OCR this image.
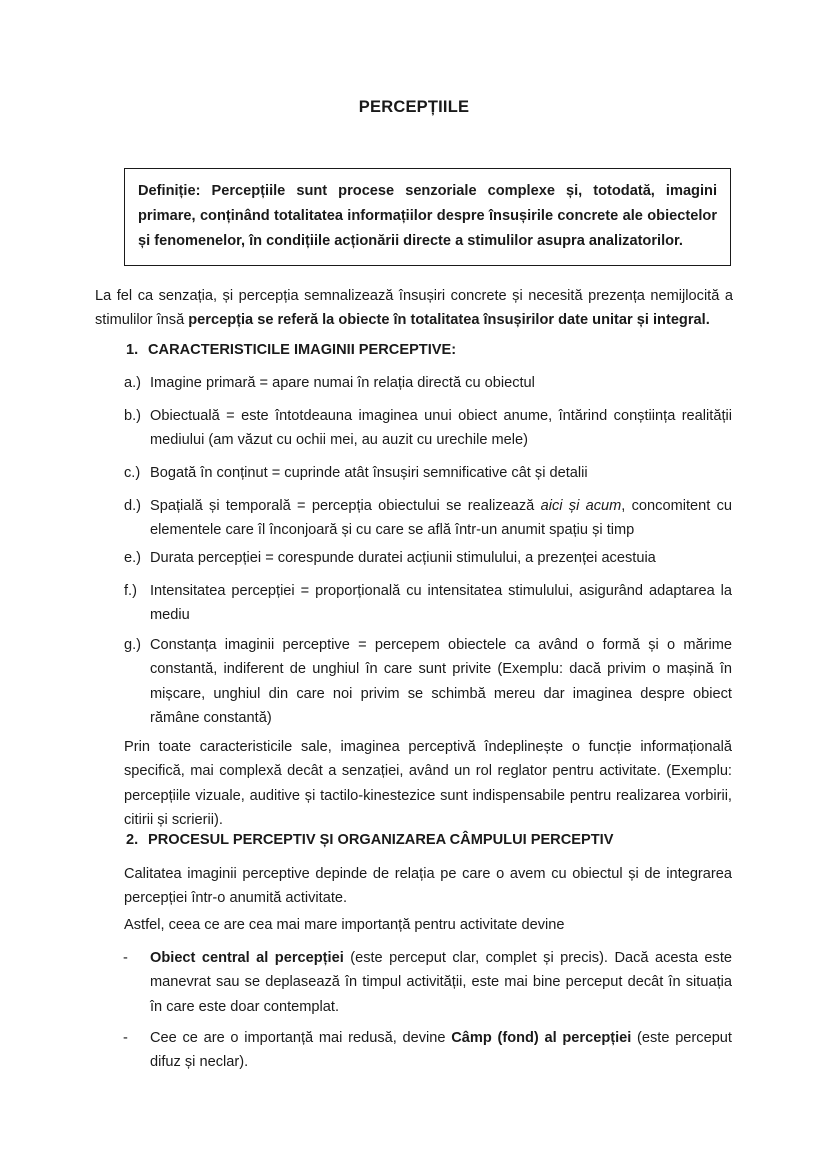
PERCEPȚIILE

Definiție: Percepțiile sunt procese senzoriale complexe și, totodată, imagini primare, conținând totalitatea informațiilor despre însușirile concrete ale obiectelor și fenomenelor, în condițiile acționării directe a stimulilor asupra analizatorilor.

La fel ca senzația, și percepția semnalizează însușiri concrete și necesită prezența nemijlocită a stimulilor însă percepția se referă la obiecte în totalitatea însușirilor date unitar și integral.

1. CARACTERISTICILE IMAGINII PERCEPTIVE:
a.) Imagine primară = apare numai în relația directă cu obiectul
b.) Obiectuală = este întotdeauna imaginea unui obiect anume, întărind conștiința realității mediului (am văzut cu ochii mei, au auzit cu urechile mele)
c.) Bogată în conținut = cuprinde atât însușiri semnificative cât și detalii
d.) Spațială și temporală = percepția obiectului se realizează aici și acum, concomitent cu elementele care îl înconjoară și cu care se află într-un anumit spațiu și timp
e.) Durata percepției = corespunde duratei acțiunii stimulului, a prezenței acestuia
f.) Intensitatea percepției = proporțională cu intensitatea stimulului, asigurând adaptarea la mediu
g.) Constanța imaginii perceptive = percepem obiectele ca având o formă și o mărime constantă, indiferent de unghiul în care sunt privite (Exemplu: dacă privim o mașină în mișcare, unghiul din care noi privim se schimbă mereu dar imaginea despre obiect rămâne constantă)
Prin toate caracteristicile sale, imaginea perceptivă îndeplinește o funcție informațională specifică, mai complexă decât a senzației, având un rol reglator pentru activitate. (Exemplu: percepțiile vizuale, auditive și tactilo-kinestezice sunt indispensabile pentru realizarea vorbirii, citirii și scrierii).
2. PROCESUL PERCEPTIV ȘI ORGANIZAREA CÂMPULUI PERCEPTIV
Calitatea imaginii perceptive depinde de relația pe care o avem cu obiectul și de integrarea percepției într-o anumită activitate.
Astfel, ceea ce are cea mai mare importanță pentru activitate devine
-	Obiect central al percepției (este perceput clar, complet și precis). Dacă acesta este manevrat sau se deplasează în timpul activității, este mai bine perceput decât în situația în care este doar contemplat.
-	Cee ce are o importanță mai redusă, devine Câmp (fond) al percepției (este perceput difuz și neclar).
